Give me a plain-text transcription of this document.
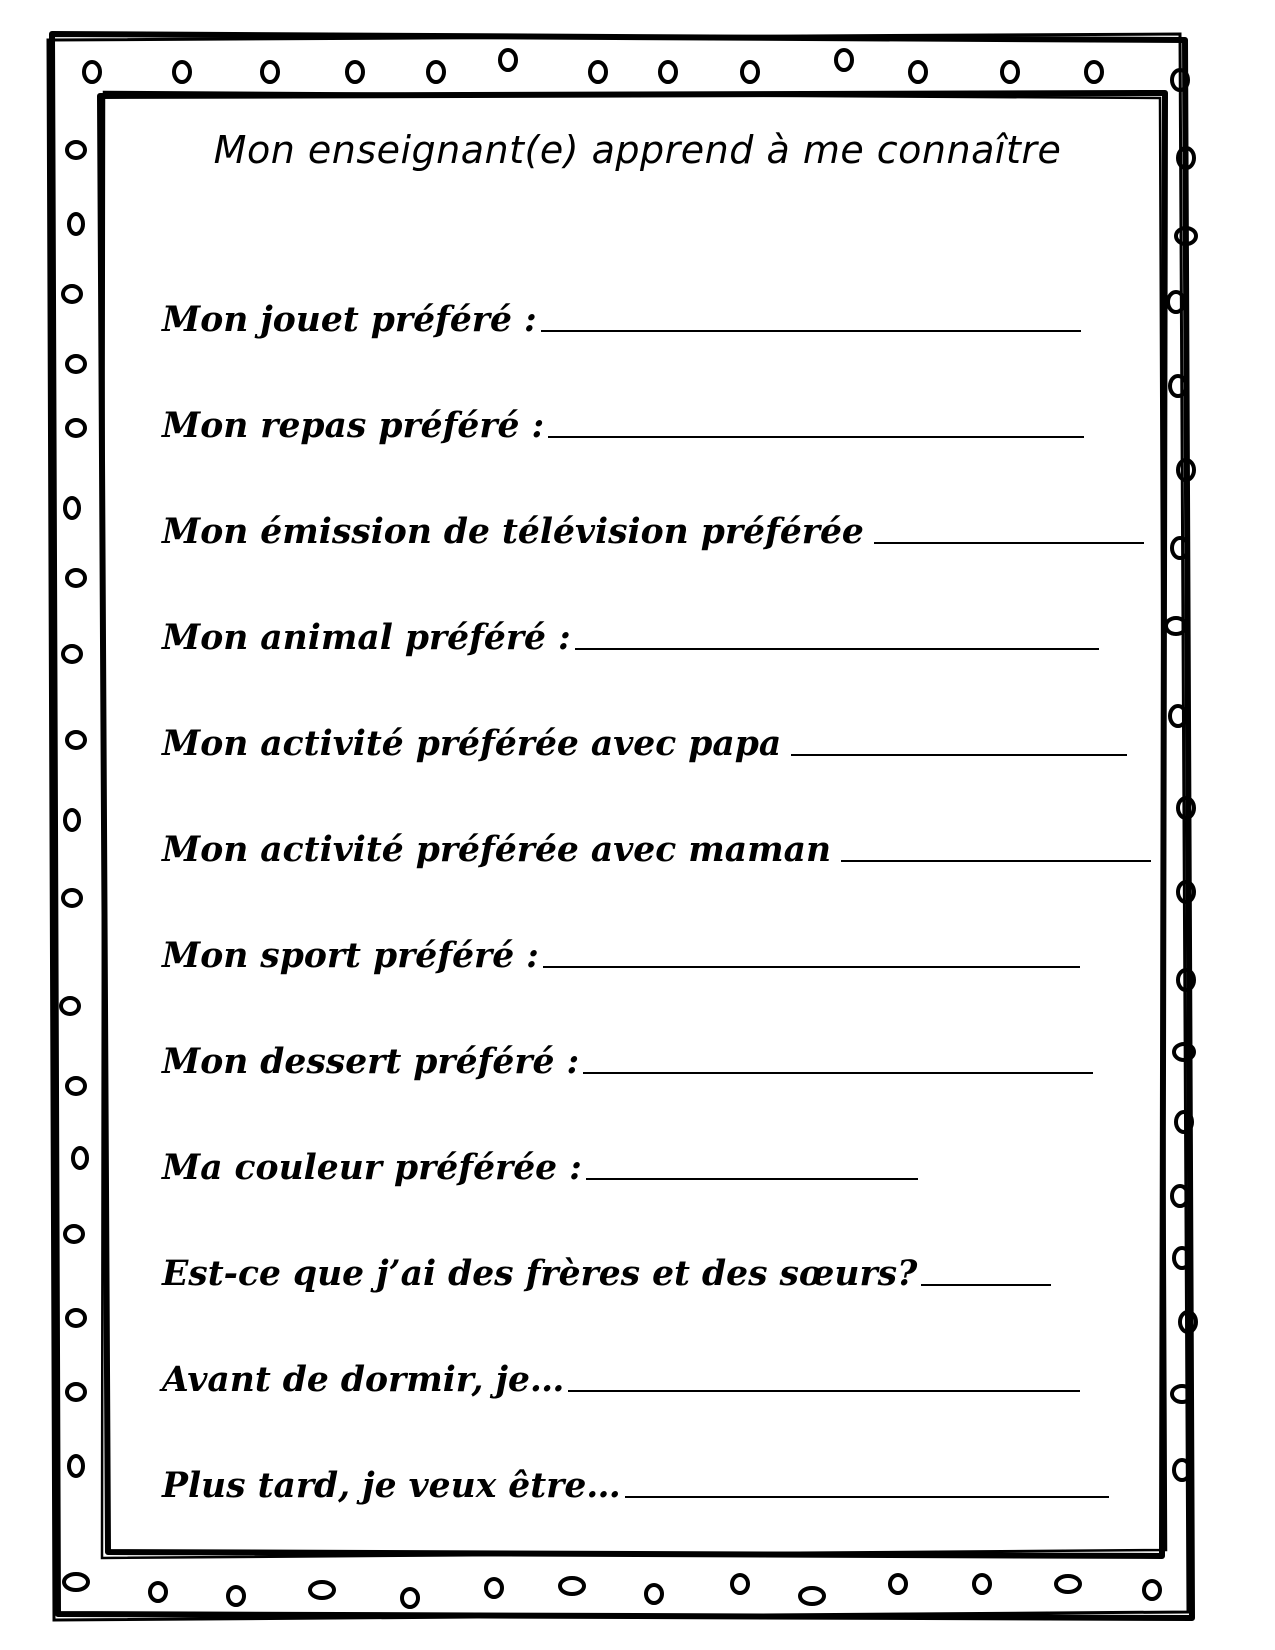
Mon enseignant(e) apprend à me connaître
Mon jouet préféré :
Mon repas préféré :
Mon émission de télévision préférée
Mon animal préféré :
Mon activité préférée avec papa
Mon activité préférée avec maman
Mon sport préféré :
Mon dessert préféré :
Ma couleur préférée :
Est-ce que j’ai des frères et des sœurs?
Avant de dormir, je…
Plus tard, je veux être…
